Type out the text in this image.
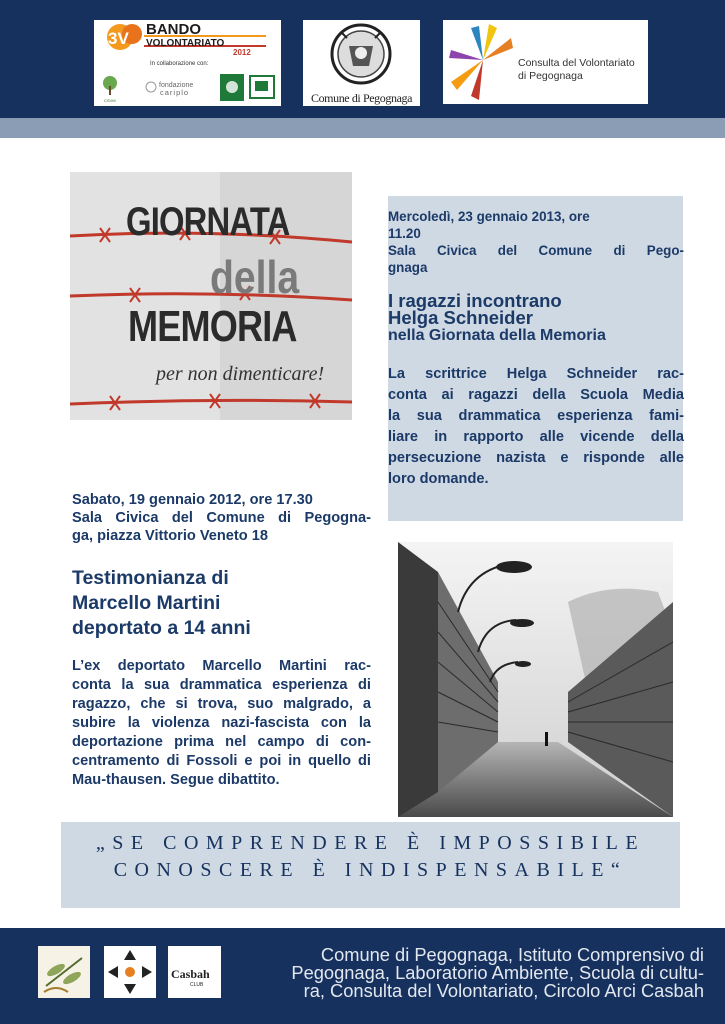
3V BANDO
VOLONTARIATO
2012
In collaborazione con:
CSVM
fondazione
cariplo	Comune di Pegognaga
Consulta del Volontariato
di Pegognaga
GIORNATA
della
MEMORIA
per non dimenticare!
Mercoledì, 23 gennaio 2013, ore
11.20
Sala Civica del Comune di Pego-
gnaga
I ragazzi incontrano
Helga Schneider
nella Giornata della Memoria
La scrittrice Helga Schneider rac-
conta ai ragazzi della Scuola Media
la sua drammatica esperienza fami-
liare in rapporto alle vicende della
persecuzione nazista e risponde alle
loro domande.
Sabato, 19 gennaio 2012, ore 17.30
Sala Civica del Comune di Pegogna-
ga, piazza Vittorio Veneto 18
Testimonianza di
Marcello Martini
deportato a 14 anni
L’ex deportato Marcello Martini rac-
conta la sua drammatica esperienza di
ragazzo, che si trova, suo malgrado, a
subire la violenza nazi-fascista con la
deportazione prima nel campo di con-
centramento di Fossoli e poi in quello di
Mau-thausen. Segue dibattito.
„SE COMPRENDERE È IMPOSSIBILE
CONOSCERE È INDISPENSABILE“
Casbah
CLUB
Comune di Pegognaga, Istituto Comprensivo di
Pegognaga, Laboratorio Ambiente, Scuola di cultu-
ra, Consulta del Volontariato, Circolo Arci Casbah
